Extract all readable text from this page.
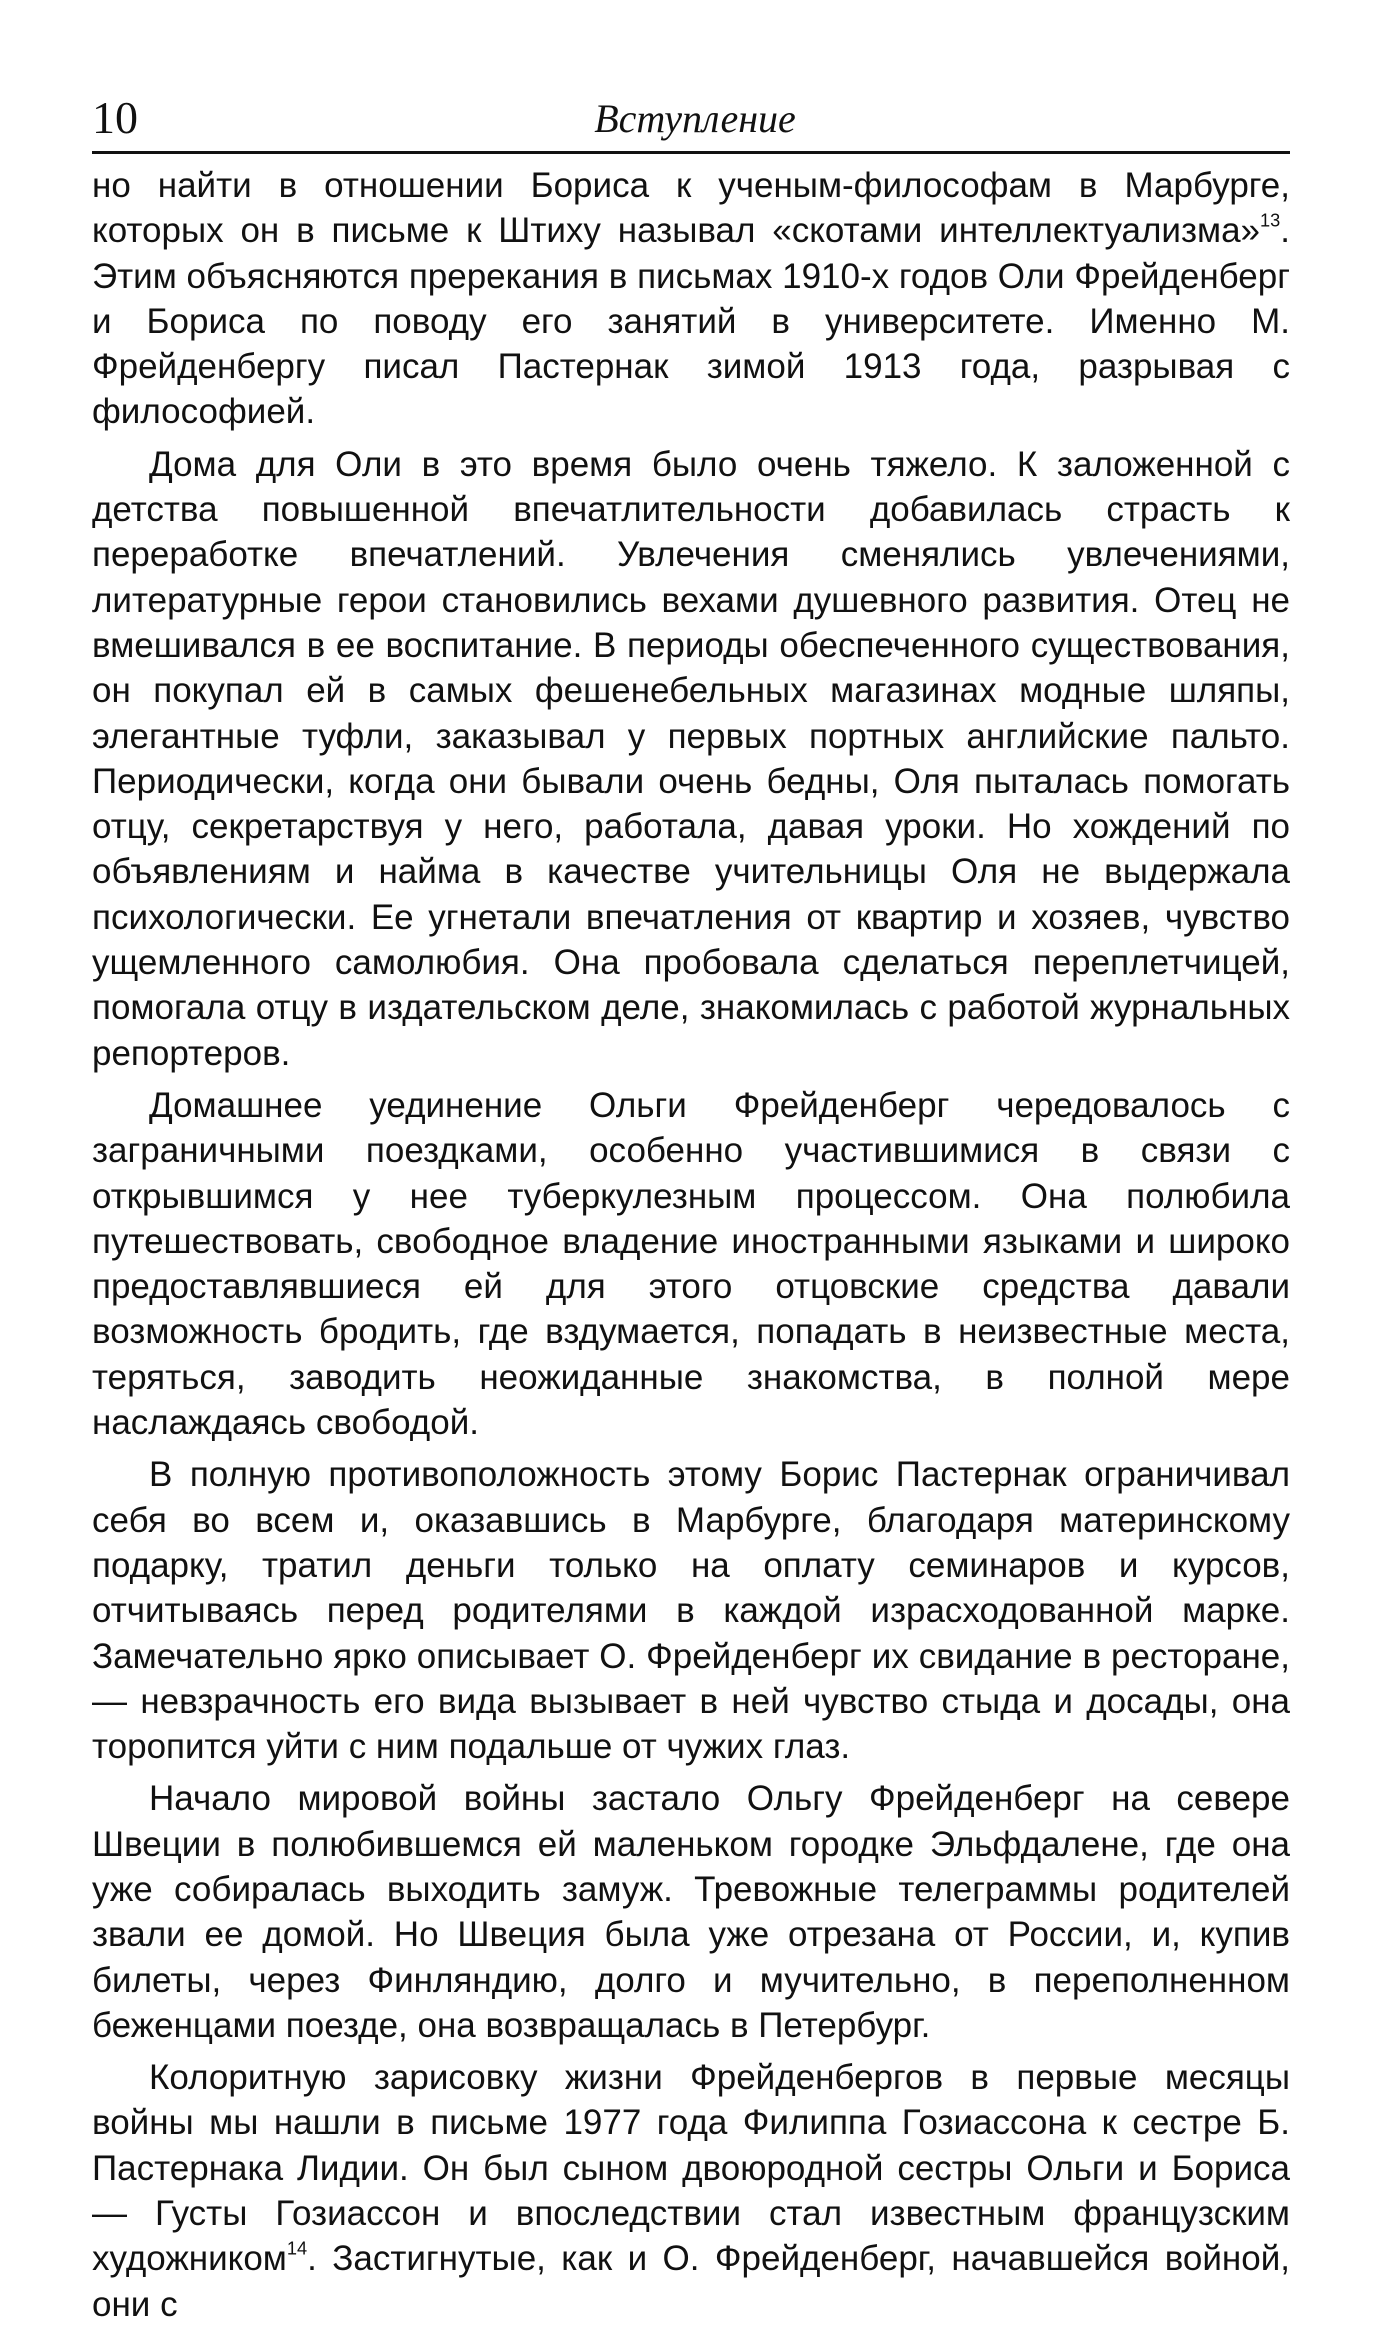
10	Вступление

но найти в отношении Бориса к ученым-философам в Марбурге, которых он в письме к Штиху называл «скотами интеллектуализма»$^{13}$. Этим объясняются пререкания в письмах 1910-х годов Оли Фрейденберг и Бориса по поводу его занятий в университете. Именно М. Фрейденбергу писал Пастернак зимой 1913 года, разрывая с философией.

Дома для Оли в это время было очень тяжело. К заложенной с детства повышенной впечатлительности добавилась страсть к переработке впечатлений. Увлечения сменялись увлечениями, литературные герои становились вехами душевного развития. Отец не вмешивался в ее воспитание. В периоды обеспеченного существования, он покупал ей в самых фешенебельных магазинах модные шляпы, элегантные туфли, заказывал у первых портных английские пальто. Периодически, когда они бывали очень бедны, Оля пыталась помогать отцу, секретарствуя у него, работала, давая уроки. Но хождений по объявлениям и найма в качестве учительницы Оля не выдержала психологически. Ее угнетали впечатления от квартир и хозяев, чувство ущемленного самолюбия. Она пробовала сделаться переплетчицей, помогала отцу в издательском деле, знакомилась с работой журнальных репортеров.

Домашнее уединение Ольги Фрейденберг чередовалось с заграничными поездками, особенно участившимися в связи с открывшимся у нее туберкулезным процессом. Она полюбила путешествовать, свободное владение иностранными языками и широко предоставлявшиеся ей для этого отцовские средства давали возможность бродить, где вздумается, попадать в неизвестные места, теряться, заводить неожиданные знакомства, в полной мере наслаждаясь свободой.

В полную противоположность этому Борис Пастернак ограничивал себя во всем и, оказавшись в Марбурге, благодаря материнскому подарку, тратил деньги только на оплату семинаров и курсов, отчитываясь перед родителями в каждой израсходованной марке. Замечательно ярко описывает О. Фрейденберг их свидание в ресторане, — невзрачность его вида вызывает в ней чувство стыда и досады, она торопится уйти с ним подальше от чужих глаз.

Начало мировой войны застало Ольгу Фрейденберг на севере Швеции в полюбившемся ей маленьком городке Эльфдалене, где она уже собиралась выходить замуж. Тревожные телеграммы родителей звали ее домой. Но Швеция была уже отрезана от России, и, купив билеты, через Финляндию, долго и мучительно, в переполненном беженцами поезде, она возвращалась в Петербург.

Колоритную зарисовку жизни Фрейденбергов в первые месяцы войны мы нашли в письме 1977 года Филиппа Гозиассона к сестре Б. Пастернака Лидии. Он был сыном двоюродной сестры Ольги и Бориса — Густы Гозиассон и впоследствии стал известным французским художником$^{14}$. Застигнутые, как и О. Фрейденберг, начавшейся войной, они с
